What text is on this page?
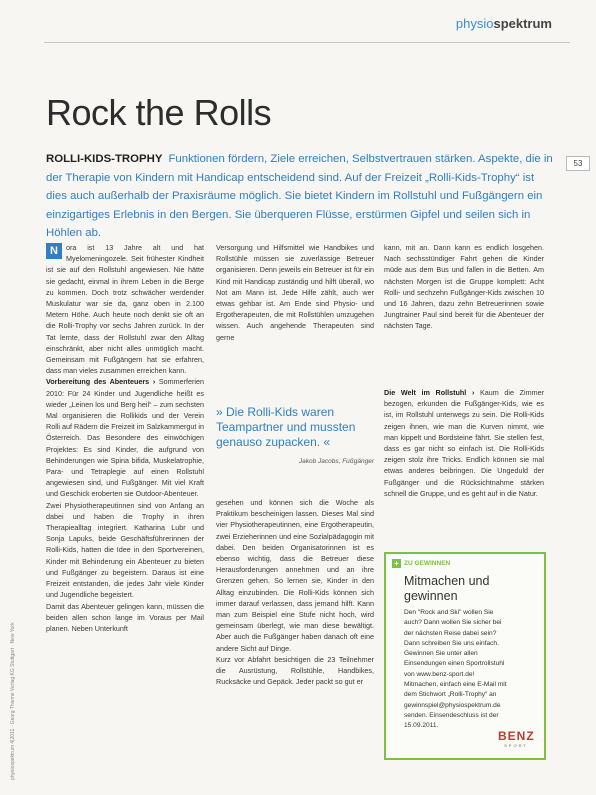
physiospektrum
53
Rock the Rolls
ROLLI-KIDS-TROPHY Funktionen fördern, Ziele erreichen, Selbstvertrauen stärken. Aspekte, die in der Therapie von Kindern mit Handicap entscheidend sind. Auf der Freizeit „Rolli-Kids-Trophy“ ist dies auch außerhalb der Praxisräume möglich. Sie bietet Kindern im Rollstuhl und Fußgängern ein einzigartiges Erlebnis in den Bergen. Sie überqueren Flüsse, erstürmen Gipfel und seilen sich in Höhlen ab.

N	ora ist 13 Jahre alt und hat Myelomeningozele. Seit frühester Kindheit ist sie auf den Rollstuhl angewiesen. Nie hätte sie gedacht, einmal in ihrem Leben in die Berge zu kommen. Doch trotz schwächer werdender Muskulatur war sie da, ganz oben in 2.100 Metern Höhe. Auch heute noch denkt sie oft an die Rolli-Trophy vor sechs Jahren zurück. In der Tat lernte, dass der Rollstuhl zwar den Alltag einschränkt, aber nicht alles unmöglich macht. Gemeinsam mit Fußgängern hat sie erfahren, dass man vieles zusammen erreichen kann.

Vorbereitung des Abenteuers › Sommerferien 2010: Für 24 Kinder und Jugendliche heißt es wieder „Leinen los und Berg heil“ – zum sechsten Mal organisieren die Rollikids und der Verein Rolli auf Rädern die Freizeit im Salzkammergut in Österreich. Das Besondere des einwöchigen Projektes: Es sind Kinder, die aufgrund von Behinderungen wie Spina bifida, Muskelatrophie, Para- und Tetraplegie auf einen Rollstuhl angewiesen sind, und Fußgänger. Mit viel Kraft und Geschick eroberten sie Outdoor-Abenteuer.

Zwei Physiotherapeutinnen sind von Anfang an dabei und haben die Trophy in ihren Therapiealltag integriert. Katharina Lubr und Sonja Lapuks, beide Geschäftsführerinnen der Rolli-Kids, hatten die Idee in den Sportvereinen, Kinder mit Behinderung ein Abenteuer zu bieten und Fußgänger zu begeistern. Daraus ist eine Freizeit entstanden, die jedes Jahr viele Kinder und Jugendliche begeistert.

Damit das Abenteuer gelingen kann, müssen die beiden allen schon lange im Voraus per Mail planen. Neben Unterkunft

Versorgung und Hilfsmittel wie Handbikes und Rollstühle müssen sie zuverlässige Betreuer organisieren. Denn jeweils ein Betreuer ist für ein Kind mit Handicap zuständig und hilft überall, wo Not am Mann ist. Jede Hilfe zählt, auch wer etwas gehbar ist. Am Ende sind Physio- und Ergotherapeuten, die mit Rollstühlen umzugehen wissen. Auch angehende Therapeuten sind gerne

» Die Rolli-Kids waren Teampartner und mussten genauso zupacken. «
Jakob Jacobs, Fußgänger

gesehen und können sich die Woche als Praktikum bescheinigen lassen. Dieses Mal sind vier Physiotherapeutinnen, eine Ergotherapeutin, zwei Erzieherinnen und eine Sozialpädagogin mit dabei. Den beiden Organisatorinnen ist es ebenso wichtig, dass die Betreuer diese Herausforderungen annehmen und an ihre Grenzen gehen. So lernen sie, Kinder in den Alltag einzubinden. Die Rolli-Kids können sich immer darauf verlassen, dass jemand hilft. Kann man zum Beispiel eine Stufe nicht hoch, wird gemeinsam überlegt, wie man diese bewältigt. Aber auch die Fußgänger haben danach oft eine andere Sicht auf Dinge.

Kurz vor Abfahrt besichtigen die 23 Teilnehmer die Ausrüstung, Rollstühle, Handbikes, Rucksäcke und Gepäck. Jeder packt so gut er

kann, mit an. Dann kann es endlich losgehen. Nach sechsstündiger Fahrt gehen die Kinder müde aus dem Bus und fallen in die Betten. Am nächsten Morgen ist die Gruppe komplett: Acht Rolli- und sechzehn Fußgänger-Kids zwischen 10 und 16 Jahren, dazu zehn Betreuerinnen sowie Jungtrainer Paul sind bereit für die Abenteuer der nächsten Tage.

Die Welt im Rollstuhl › Kaum die Zimmer bezogen, erkunden die Fußgänger-Kids, wie es ist, im Rollstuhl unterwegs zu sein. Die Rolli-Kids zeigen ihnen, wie man die Kurven nimmt, wie man kippelt und Bordsteine fährt. Sie stellen fest, dass es gar nicht so einfach ist. Die Rolli-Kids zeigen stolz ihre Tricks. Endlich können sie mal etwas anderes beibringen. Die Ungeduld der Fußgänger und die Rücksichtnahme stärken schnell die Gruppe, und es geht auf in die Natur.

+ ZU GEWINNEN
Mitmachen und gewinnen
Den "Rock and Ski" wollen Sie auch? Dann wollen Sie sicher bei der nächsten Reise dabei sein? Dann schreiben Sie uns einfach. Gewinnen Sie unter allen Einsendungen einen Sportrollstuhl von www.benz-sport.de! Mitmachen, einfach eine E-Mail mit dem Stichwort „Rolli-Trophy“ an gewinnspiel@physiospektrum.de senden. Einsendeschluss ist der 15.09.2011.
BENZ
SPORT
physiospektrum 4|2011 · Georg Thieme Verlag KG Stuttgart · New York
